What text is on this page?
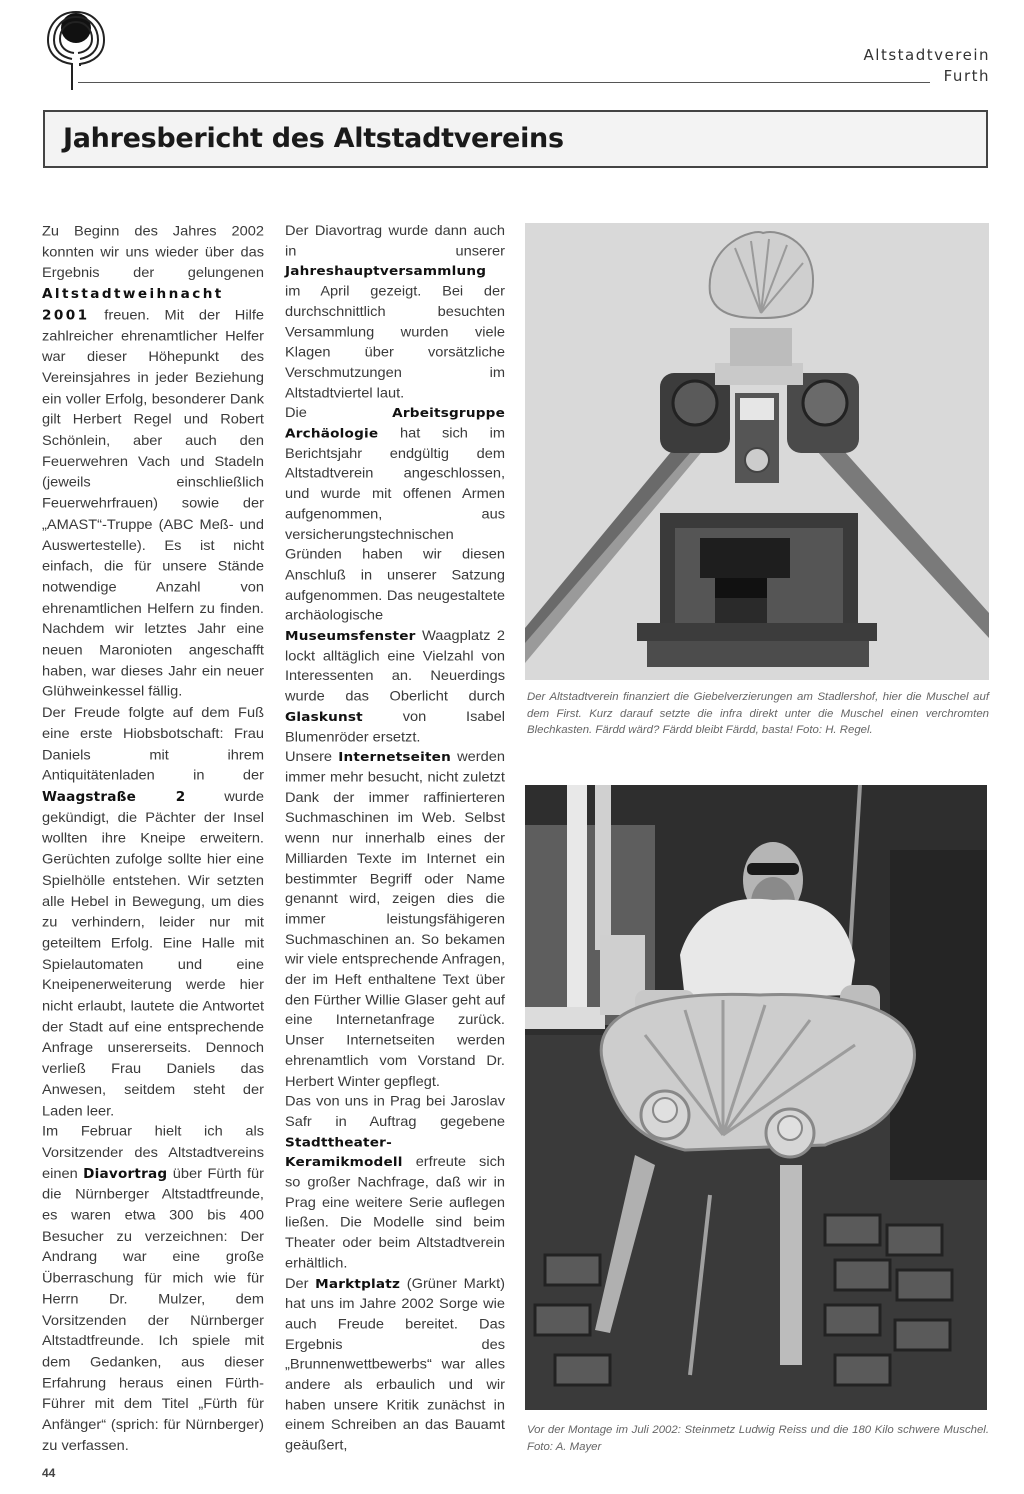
Altstadtverein
Furth
Jahresbericht des Altstadtvereins

Zu Beginn des Jahres 2002 konnten wir uns wieder über das Ergebnis der gelungenen Altstadtweihnacht 2001 freuen. Mit der Hilfe zahlreicher ehrenamtlicher Helfer war dieser Höhepunkt des Vereinsjahres in jeder Beziehung ein voller Erfolg, besonderer Dank gilt Herbert Regel und Robert Schönlein, aber auch den Feuerwehren Vach und Stadeln (jeweils einschließlich Feuerwehrfrauen) sowie der „AMAST“-Truppe (ABC Meß- und Auswertestelle). Es ist nicht einfach, die für unsere Stände notwendige Anzahl von ehrenamtlichen Helfern zu finden. Nachdem wir letztes Jahr eine neuen Maronioten angeschafft haben, war dieses Jahr ein neuer Glühweinkessel fällig.

Der Freude folgte auf dem Fuß eine erste Hiobsbotschaft: Frau Daniels mit ihrem Antiquitätenladen in der Waagstraße 2 wurde gekündigt, die Pächter der Insel wollten ihre Kneipe erweitern. Gerüchten zufolge sollte hier eine Spielhölle entstehen. Wir setzten alle Hebel in Bewegung, um dies zu verhindern, leider nur mit geteiltem Erfolg. Eine Halle mit Spielautomaten und eine Kneipenerweiterung werde hier nicht erlaubt, lautete die Antwortet der Stadt auf eine entsprechende Anfrage unsererseits. Dennoch verließ Frau Daniels das Anwesen, seitdem steht der Laden leer.

Im Februar hielt ich als Vorsitzender des Altstadtvereins einen Diavortrag über Fürth für die Nürnberger Altstadtfreunde, es waren etwa 300 bis 400 Besucher zu verzeichnen: Der Andrang war eine große Überraschung für mich wie für Herrn Dr. Mulzer, dem Vorsitzenden der Nürnberger Altstadtfreunde. Ich spiele mit dem Gedanken, aus dieser Erfahrung heraus einen Fürth-Führer mit dem Titel „Fürth für Anfänger“ (sprich: für Nürnberger) zu verfassen.

Der Diavortrag wurde dann auch in unserer Jahreshauptversammlung im April gezeigt. Bei der durchschnittlich besuchten Versammlung wurden viele Klagen über vorsätzliche Verschmutzungen im Altstadtviertel laut.

Die Arbeitsgruppe Archäologie hat sich im Berichtsjahr endgültig dem Altstadtverein angeschlossen, und wurde mit offenen Armen aufgenommen, aus versicherungstechnischen Gründen haben wir diesen Anschluß in unserer Satzung aufgenommen. Das neugestaltete archäologische Museumsfenster Waagplatz 2 lockt alltäglich eine Vielzahl von Interessenten an. Neuerdings wurde das Oberlicht durch Glaskunst von Isabel Blumenröder ersetzt.

Unsere Internetseiten werden immer mehr besucht, nicht zuletzt Dank der immer raffinierteren Suchmaschinen im Web. Selbst wenn nur innerhalb eines der Milliarden Texte im Internet ein bestimmter Begriff oder Name genannt wird, zeigen dies die immer leistungsfähigeren Suchmaschinen an. So bekamen wir viele entsprechende Anfragen, der im Heft enthaltene Text über den Fürther Willie Glaser geht auf eine Internetanfrage zurück. Unser Internetseiten werden ehrenamtlich vom Vorstand Dr. Herbert Winter gepflegt.

Das von uns in Prag bei Jaroslav Safr in Auftrag gegebene Stadttheater-Keramikmodell erfreute sich so großer Nachfrage, daß wir in Prag eine weitere Serie auflegen ließen. Die Modelle sind beim Theater oder beim Altstadtverein erhältlich.

Der Marktplatz (Grüner Markt) hat uns im Jahre 2002 Sorge wie auch Freude bereitet. Das Ergebnis des „Brunnenwettbewerbs“ war alles andere als erbaulich und wir haben unsere Kritik zunächst in einem Schreiben an das Bauamt geäußert,

44
Der Altstadtverein finanziert die Giebelverzierungen am Stadlershof, hier die Muschel auf dem First. Kurz darauf setzte die infra direkt unter die Muschel einen verchromten Blechkasten. Färdd wärd? Färdd bleibt Färdd, basta! Foto: H. Regel.
Vor der Montage im Juli 2002: Steinmetz Ludwig Reiss und die 180 Kilo schwere Muschel. Foto: A. Mayer
